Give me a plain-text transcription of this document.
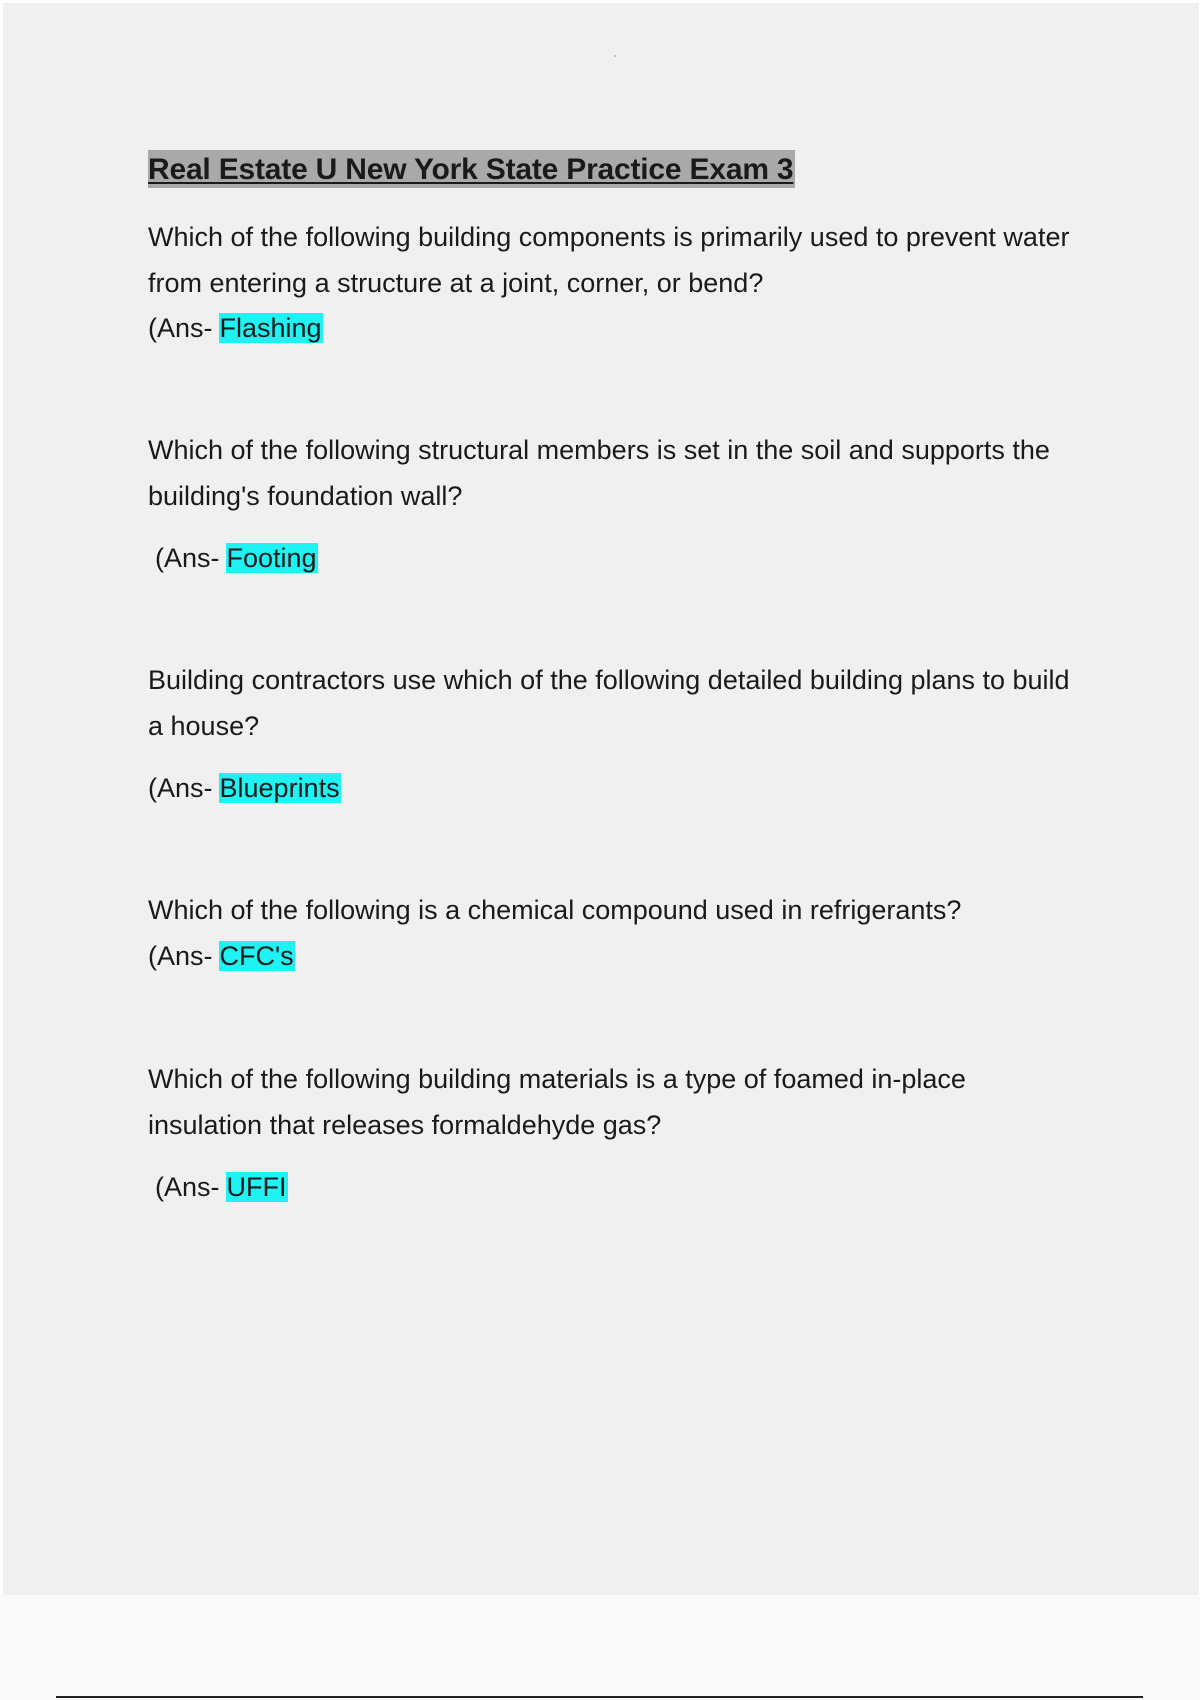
Real Estate U New York State Practice Exam 3
Which of the following building components is primarily used to prevent water from entering a structure at a joint, corner, or bend?
(Ans- Flashing
Which of the following structural members is set in the soil and supports the building's foundation wall?
(Ans- Footing
Building contractors use which of the following detailed building plans to build a house?
(Ans- Blueprints
Which of the following is a chemical compound used in refrigerants?
(Ans- CFC's
Which of the following building materials is a type of foamed in-place insulation that releases formaldehyde gas?
(Ans- UFFI
